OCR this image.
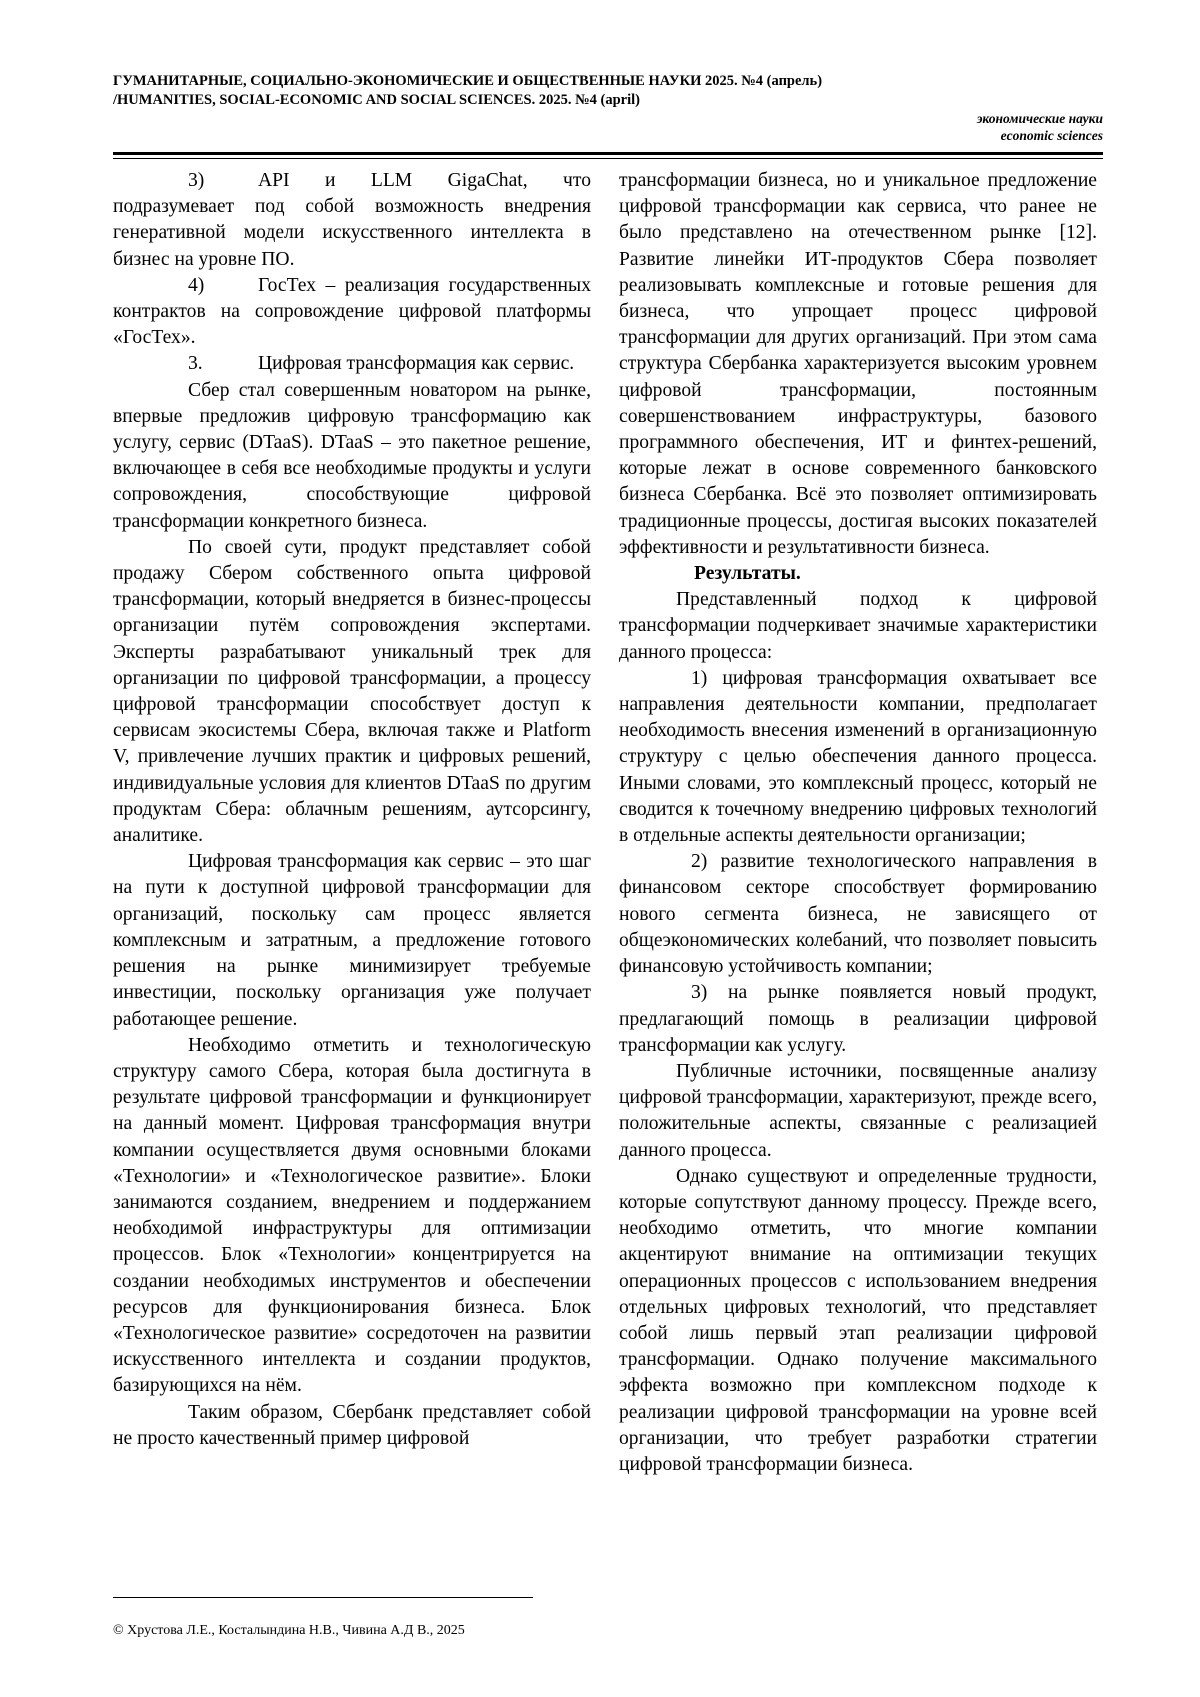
ГУМАНИТАРНЫЕ, СОЦИАЛЬНО-ЭКОНОМИЧЕСКИЕ И ОБЩЕСТВЕННЫЕ НАУКИ 2025. №4 (апрель)
/HUMANITIES, SOCIAL-ECONOMIC AND SOCIAL SCIENCES. 2025. №4 (april)
экономические науки
economic sciences

3)	API и LLM GigaChat, что подразумевает под собой возможность внедрения генеративной модели искусственного интеллекта в бизнес на уровне ПО.

4)	ГосТех – реализация государственных контрактов на сопровождение цифровой платформы «ГосТех».

3.	Цифровая трансформация как сервис.

Сбер стал совершенным новатором на рынке, впервые предложив цифровую трансформацию как услугу, сервис (DTaaS). DTaaS – это пакетное решение, включающее в себя все необходимые продукты и услуги сопровождения, способствующие цифровой трансформации конкретного бизнеса.

По своей сути, продукт представляет собой продажу Сбером собственного опыта цифровой трансформации, который внедряется в бизнес-процессы организации путём сопровождения экспертами. Эксперты разрабатывают уникальный трек для организации по цифровой трансформации, а процессу цифровой трансформации способствует доступ к сервисам экосистемы Сбера, включая также и Platform V, привлечение лучших практик и цифровых решений, индивидуальные условия для клиентов DTaaS по другим продуктам Сбера: облачным решениям, аутсорсингу, аналитике.

Цифровая трансформация как сервис – это шаг на пути к доступной цифровой трансформации для организаций, поскольку сам процесс является комплексным и затратным, а предложение готового решения на рынке минимизирует требуемые инвестиции, поскольку организация уже получает работающее решение.

Необходимо отметить и технологическую структуру самого Сбера, которая была достигнута в результате цифровой трансформации и функционирует на данный момент. Цифровая трансформация внутри компании осуществляется двумя основными блоками «Технологии» и «Технологическое развитие». Блоки занимаются созданием, внедрением и поддержанием необходимой инфраструктуры для оптимизации процессов. Блок «Технологии» концентрируется на создании необходимых инструментов и обеспечении ресурсов для функционирования бизнеса. Блок «Технологическое развитие» сосредоточен на развитии искусственного интеллекта и создании продуктов, базирующихся на нём.

Таким образом, Сбербанк представляет собой не просто качественный пример цифровой

трансформации бизнеса, но и уникальное предложение цифровой трансформации как сервиса, что ранее не было представлено на отечественном рынке [12]. Развитие линейки ИТ-продуктов Сбера позволяет реализовывать комплексные и готовые решения для бизнеса, что упрощает процесс цифровой трансформации для других организаций. При этом сама структура Сбербанка характеризуется высоким уровнем цифровой трансформации, постоянным совершенствованием инфраструктуры, базового программного обеспечения, ИТ и финтех-решений, которые лежат в основе современного банковского бизнеса Сбербанка. Всё это позволяет оптимизировать традиционные процессы, достигая высоких показателей эффективности и результативности бизнеса.

Результаты.

Представленный подход к цифровой трансформации подчеркивает значимые характеристики данного процесса:

1) цифровая трансформация охватывает все направления деятельности компании, предполагает необходимость внесения изменений в организационную структуру с целью обеспечения данного процесса. Иными словами, это комплексный процесс, который не сводится к точечному внедрению цифровых технологий в отдельные аспекты деятельности организации;

2) развитие технологического направления в финансовом секторе способствует формированию нового сегмента бизнеса, не зависящего от общеэкономических колебаний, что позволяет повысить финансовую устойчивость компании;

3) на рынке появляется новый продукт, предлагающий помощь в реализации цифровой трансформации как услугу.

Публичные источники, посвященные анализу цифровой трансформации, характеризуют, прежде всего, положительные аспекты, связанные с реализацией данного процесса.

Однако существуют и определенные трудности, которые сопутствуют данному процессу. Прежде всего, необходимо отметить, что многие компании акцентируют внимание на оптимизации текущих операционных процессов с использованием внедрения отдельных цифровых технологий, что представляет собой лишь первый этап реализации цифровой трансформации. Однако получение максимального эффекта возможно при комплексном подходе к реализации цифровой трансформации на уровне всей организации, что требует разработки стратегии цифровой трансформации бизнеса.

© Хрустова Л.Е., Косталындина Н.В., Чивина А.Д В., 2025
